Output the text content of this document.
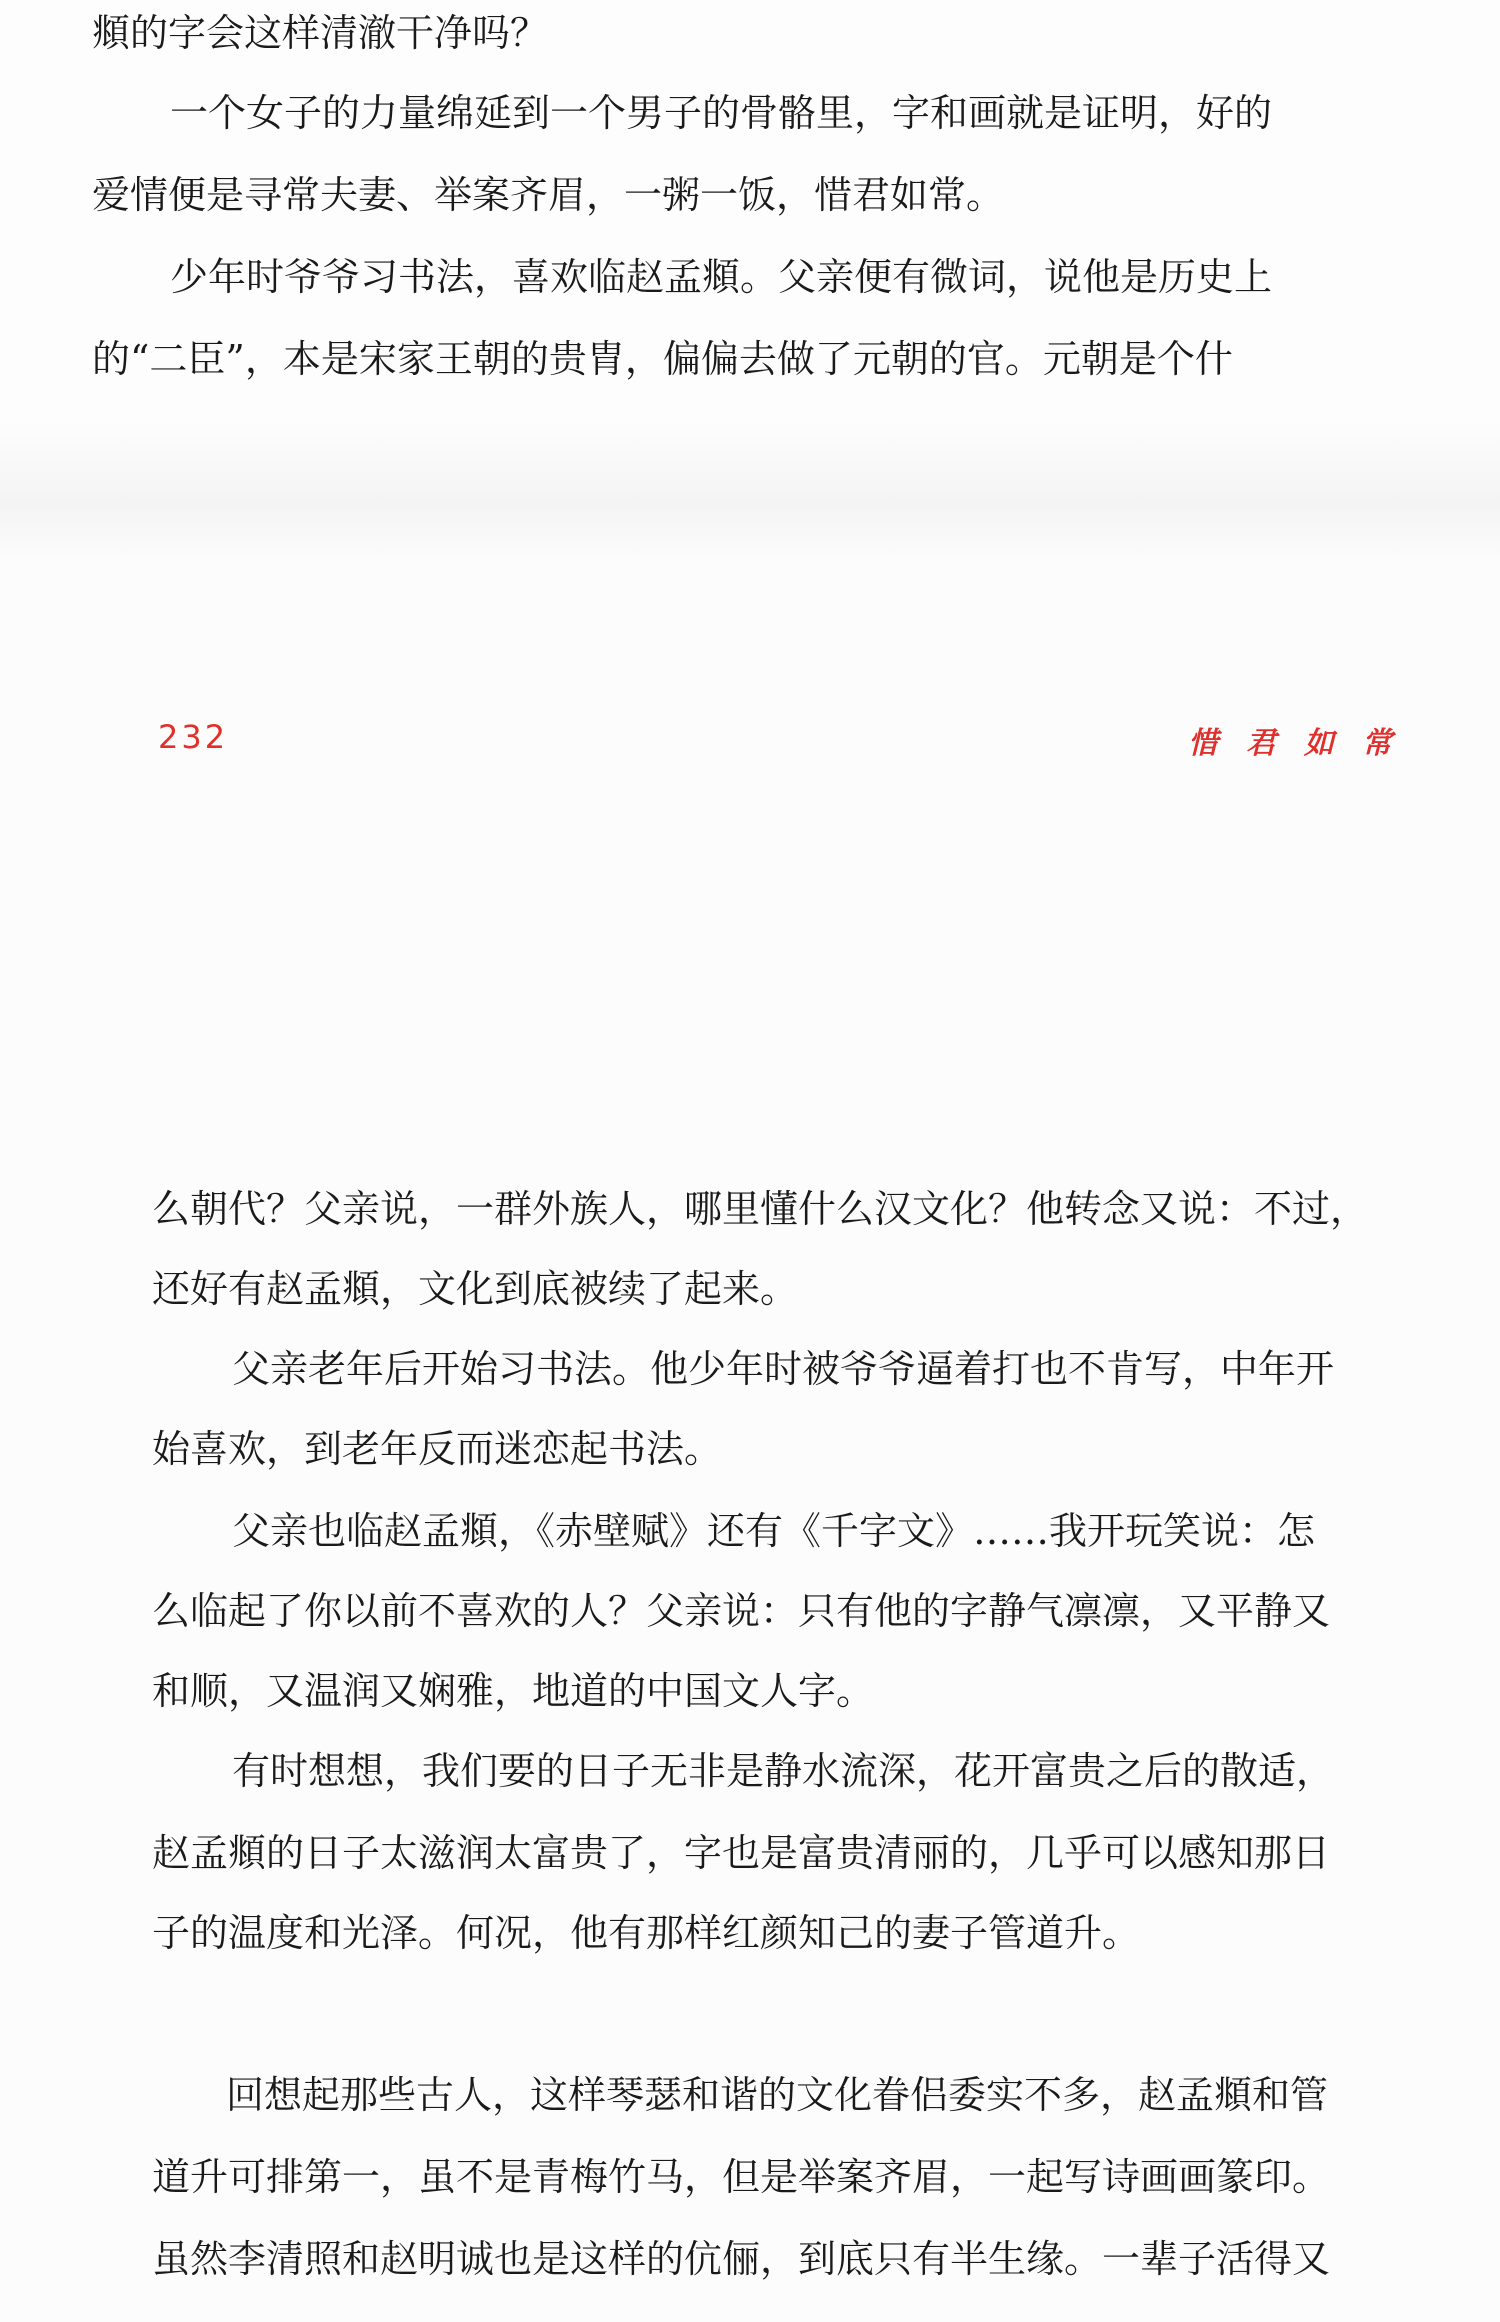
頫的字会这样清澈干净吗？
一个女子的力量绵延到一个男子的骨骼里，字和画就是证明，好的
爱情便是寻常夫妻、举案齐眉，一粥一饭，惜君如常。
少年时爷爷习书法，喜欢临赵孟頫。父亲便有微词，说他是历史上
的“二臣”，本是宋家王朝的贵胄，偏偏去做了元朝的官。元朝是个什
232	惜君如常
么朝代？父亲说，一群外族人，哪里懂什么汉文化？他转念又说：不过，
还好有赵孟頫，文化到底被续了起来。
父亲老年后开始习书法。他少年时被爷爷逼着打也不肯写，中年开
始喜欢，到老年反而迷恋起书法。
父亲也临赵孟頫，《赤壁赋》还有《千字文》……我开玩笑说：怎
么临起了你以前不喜欢的人？父亲说：只有他的字静气凛凛，又平静又
和顺，又温润又娴雅，地道的中国文人字。
有时想想，我们要的日子无非是静水流深，花开富贵之后的散适，
赵孟頫的日子太滋润太富贵了，字也是富贵清丽的，几乎可以感知那日
子的温度和光泽。何况，他有那样红颜知己的妻子管道升。
回想起那些古人，这样琴瑟和谐的文化眷侣委实不多，赵孟頫和管
道升可排第一，虽不是青梅竹马，但是举案齐眉，一起写诗画画篆印。
虽然李清照和赵明诚也是这样的伉俪，到底只有半生缘。一辈子活得又
